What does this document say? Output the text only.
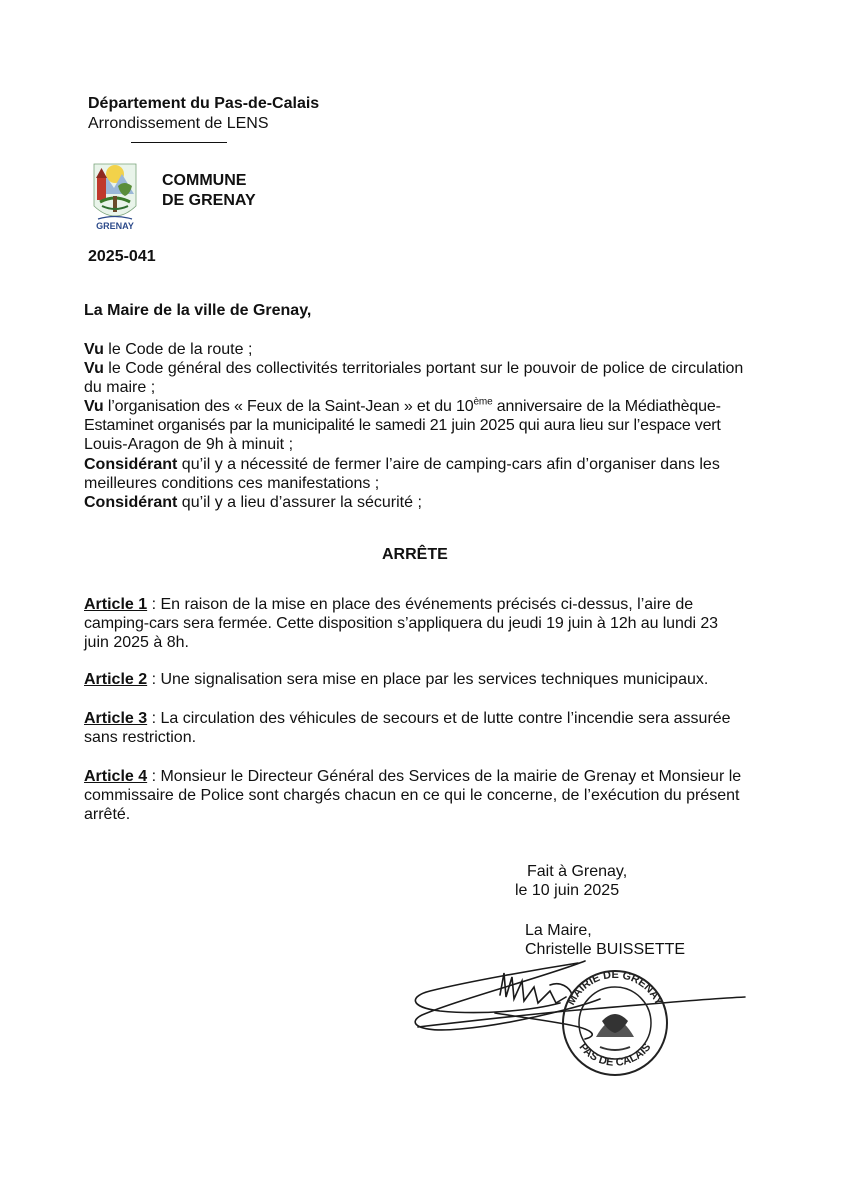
Département du Pas-de-Calais
Arrondissement de LENS
GRENAY
COMMUNE
DE GRENAY
2025-041
La Maire de la ville de Grenay,
Vu le Code de la route ;
Vu le Code général des collectivités territoriales portant sur le pouvoir de police de circulation
du maire ;
Vu l’organisation des « Feux de la Saint-Jean » et du 10ème anniversaire de la Médiathèque-
Estaminet organisés par la municipalité le samedi 21 juin 2025 qui aura lieu sur l’espace vert
Louis-Aragon de 9h à minuit ;
Considérant qu’il y a nécessité de fermer l’aire de camping-cars afin d’organiser dans les
meilleures conditions ces manifestations ;
Considérant qu’il y a lieu d’assurer la sécurité ;
ARRÊTE
Article 1 : En raison de la mise en place des événements précisés ci-dessus, l’aire de
camping-cars sera fermée. Cette disposition s’appliquera du jeudi 19 juin à 12h au lundi 23
juin 2025 à 8h.
Article 2 : Une signalisation sera mise en place par les services techniques municipaux.
Article 3 : La circulation des véhicules de secours et de lutte contre l’incendie sera assurée
sans restriction.
Article 4 : Monsieur le Directeur Général des Services de la mairie de Grenay et Monsieur le
commissaire de Police sont chargés chacun en ce qui le concerne, de l’exécution du présent
arrêté.
Fait à Grenay,
le 10 juin 2025
La Maire,
Christelle BUISSETTE
MAIRIE DE GRENAY
PAS DE CALAIS
